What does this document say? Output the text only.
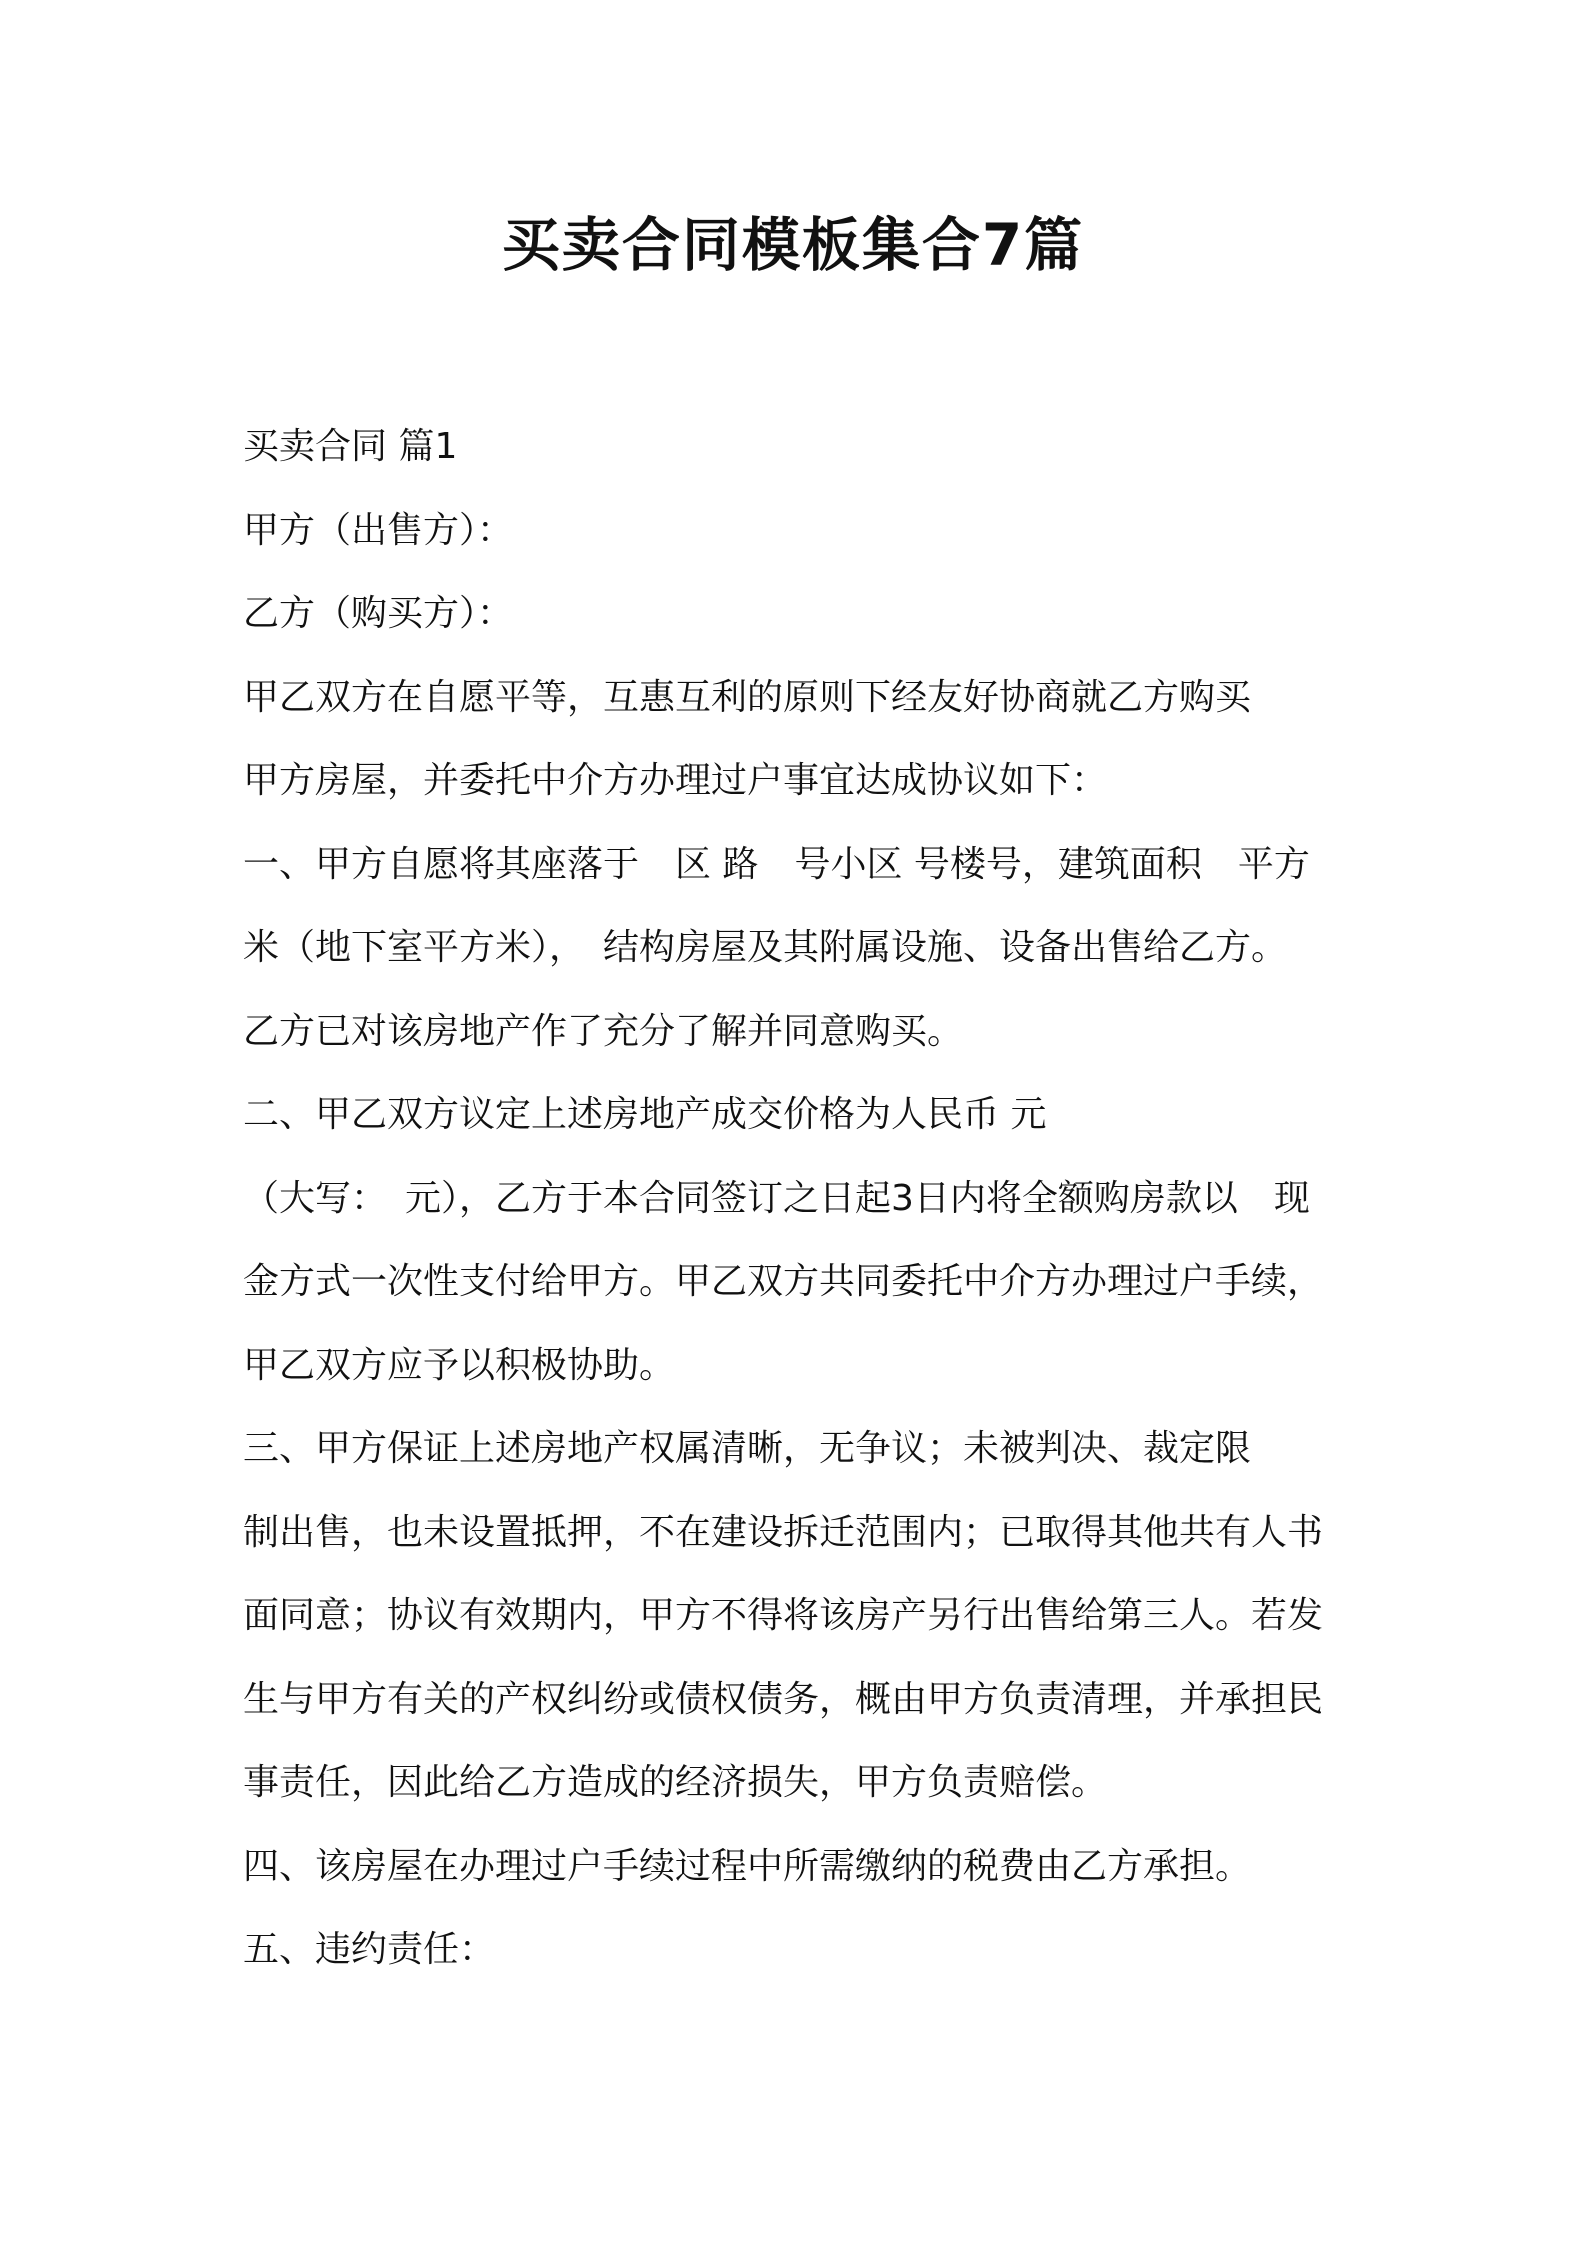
买卖合同模板集合7篇
买卖合同 篇1
甲方（出售方）：
乙方（购买方）：
甲乙双方在自愿平等，互惠互利的原则下经友好协商就乙方购买
甲方房屋，并委托中介方办理过户事宜达成协议如下：
一、甲方自愿将其座落于　区 路　号小区 号楼号，建筑面积　平方
米（地下室平方米），　结构房屋及其附属设施、设备出售给乙方。
乙方已对该房地产作了充分了解并同意购买。
二、甲乙双方议定上述房地产成交价格为人民币 元
（大写：　元），乙方于本合同签订之日起3日内将全额购房款以　现
金方式一次性支付给甲方。甲乙双方共同委托中介方办理过户手续，
甲乙双方应予以积极协助。
三、甲方保证上述房地产权属清晰，无争议；未被判决、裁定限
制出售，也未设置抵押，不在建设拆迁范围内；已取得其他共有人书
面同意；协议有效期内，甲方不得将该房产另行出售给第三人。若发
生与甲方有关的产权纠纷或债权债务，概由甲方负责清理，并承担民
事责任，因此给乙方造成的经济损失，甲方负责赔偿。
四、该房屋在办理过户手续过程中所需缴纳的税费由乙方承担。
五、违约责任：
